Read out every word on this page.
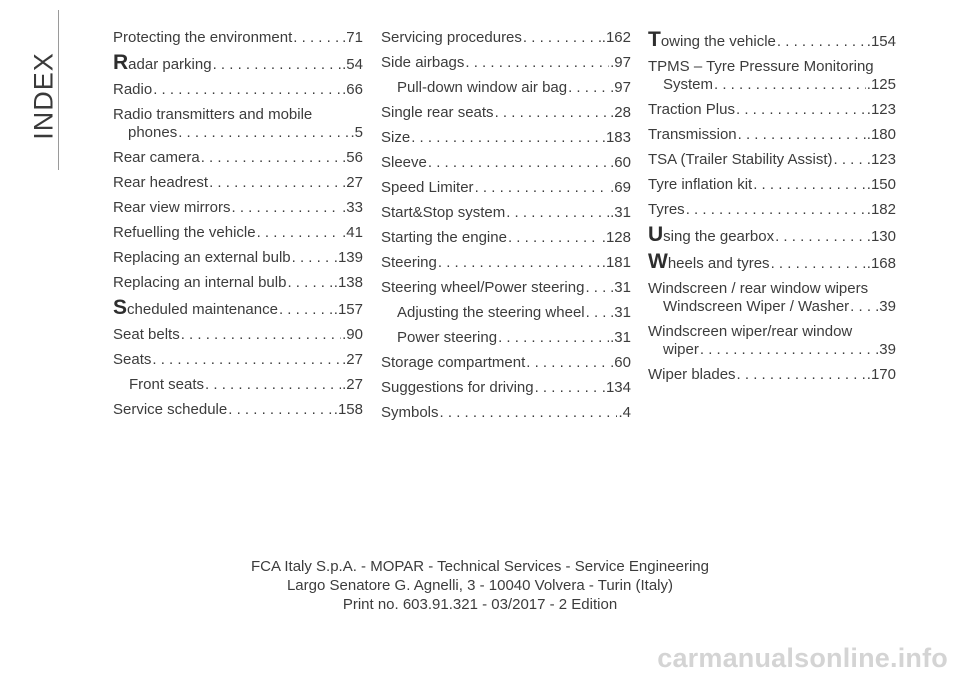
INDEX
Protecting the environment . . .	.71
Radar parking . . .	.54
Radio . . .	.66
Radio transmitters and mobile
phones . . .	.5
Rear camera . . .	.56
Rear headrest . . .	.27
Rear view mirrors . . .	.33
Refuelling the vehicle . . .	.41
Replacing an external bulb . . .	.139
Replacing an internal bulb . . .	.138
Scheduled maintenance . . .	.157
Seat belts . . .	.90
Seats . . .	.27
Front seats . . .	.27
Service schedule . . .	.158
Servicing procedures . . .	.162
Side airbags . . .	.97
Pull-down window air bag . . .	.97
Single rear seats . . .	.28
Size . . .	.183
Sleeve . . .	.60
Speed Limiter . . .	.69
Start&Stop system . . .	.31
Starting the engine . . .	.128
Steering . . .	.181
Steering wheel/Power steering . . . .31
Adjusting the steering wheel . . . .31
Power steering . . .	.31
Storage compartment . . .	.60
Suggestions for driving . . .	.134
Symbols . . .	.4
Towing the vehicle . . .	.154
TPMS – Tyre Pressure Monitoring
System . . .	.125
Traction Plus . . .	.123
Transmission . . .	.180
TSA (Trailer Stability Assist) . . . .123
Tyre inflation kit . . .	.150
Tyres . . .	.182
Using the gearbox . . .	.130
Wheels and tyres . . .	.168
Windscreen / rear window wipers
Windscreen Wiper / Washer . . . .39
Windscreen wiper/rear window
wiper . . .	.39
Wiper blades . . .	.170
FCA Italy S.p.A. - MOPAR - Technical Services - Service Engineering
Largo Senatore G. Agnelli, 3 - 10040 Volvera - Turin (Italy)
Print no. 603.91.321 - 03/2017 - 2 Edition
carmanualsonline.info
